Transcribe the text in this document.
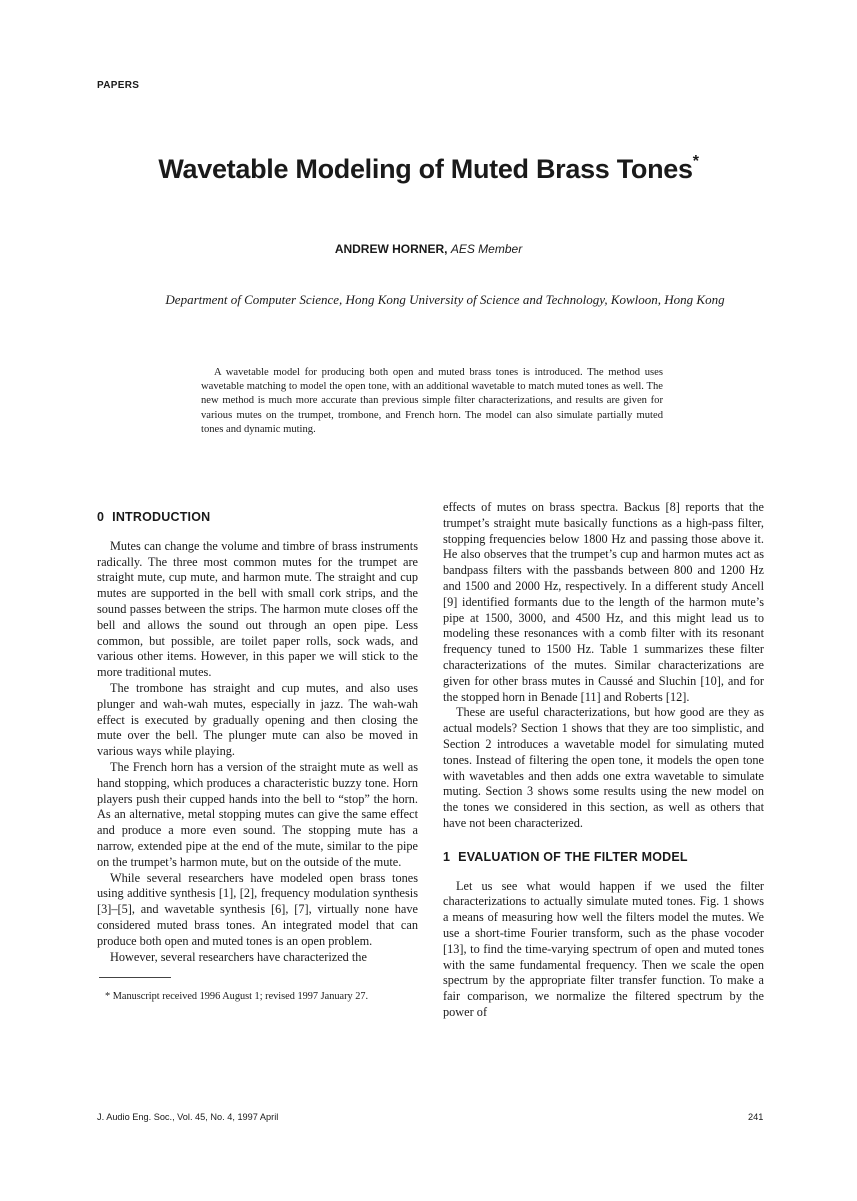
PAPERS
Wavetable Modeling of Muted Brass Tones*
ANDREW HORNER, AES Member
Department of Computer Science, Hong Kong University of Science and Technology, Kowloon, Hong Kong

A wavetable model for producing both open and muted brass tones is introduced. The method uses wavetable matching to model the open tone, with an additional wavetable to match muted tones as well. The new method is much more accurate than previous simple filter characterizations, and results are given for various mutes on the trumpet, trombone, and French horn. The model can also simulate partially muted tones and dynamic muting.

0 INTRODUCTION

Mutes can change the volume and timbre of brass instruments radically. The three most common mutes for the trumpet are straight mute, cup mute, and harmon mute. The straight and cup mutes are supported in the bell with small cork strips, and the sound passes between the strips. The harmon mute closes off the bell and allows the sound out through an open pipe. Less common, but possible, are toilet paper rolls, sock wads, and various other items. However, in this paper we will stick to the more traditional mutes.

The trombone has straight and cup mutes, and also uses plunger and wah-wah mutes, especially in jazz. The wah-wah effect is executed by gradually opening and then closing the mute over the bell. The plunger mute can also be moved in various ways while playing.

The French horn has a version of the straight mute as well as hand stopping, which produces a characteristic buzzy tone. Horn players push their cupped hands into the bell to “stop” the horn. As an alternative, metal stopping mutes can give the same effect and produce a more even sound. The stopping mute has a narrow, extended pipe at the end of the mute, similar to the pipe on the trumpet’s harmon mute, but on the outside of the mute.

While several researchers have modeled open brass tones using additive synthesis [1], [2], frequency modulation synthesis [3]–[5], and wavetable synthesis [6], [7], virtually none have considered muted brass tones. An integrated model that can produce both open and muted tones is an open problem.

However, several researchers have characterized the

* Manuscript received 1996 August 1; revised 1997 January 27.

effects of mutes on brass spectra. Backus [8] reports that the trumpet’s straight mute basically functions as a high-pass filter, stopping frequencies below 1800 Hz and passing those above it. He also observes that the trumpet’s cup and harmon mutes act as bandpass filters with the passbands between 800 and 1200 Hz and 1500 and 2000 Hz, respectively. In a different study Ancell [9] identified formants due to the length of the harmon mute’s pipe at 1500, 3000, and 4500 Hz, and this might lead us to modeling these resonances with a comb filter with its resonant frequency tuned to 1500 Hz. Table 1 summarizes these filter characterizations of the mutes. Similar characterizations are given for other brass mutes in Caussé and Sluchin [10], and for the stopped horn in Benade [11] and Roberts [12].

These are useful characterizations, but how good are they as actual models? Section 1 shows that they are too simplistic, and Section 2 introduces a wavetable model for simulating muted tones. Instead of filtering the open tone, it models the open tone with wavetables and then adds one extra wavetable to simulate muting. Section 3 shows some results using the new model on the tones we considered in this section, as well as others that have not been characterized.

1 EVALUATION OF THE FILTER MODEL

Let us see what would happen if we used the filter characterizations to actually simulate muted tones. Fig. 1 shows a means of measuring how well the filters model the mutes. We use a short-time Fourier transform, such as the phase vocoder [13], to find the time-varying spectrum of open and muted tones with the same fundamental frequency. Then we scale the open spectrum by the appropriate filter transfer function. To make a fair comparison, we normalize the filtered spectrum by the power of

J. Audio Eng. Soc., Vol. 45, No. 4, 1997 April	241
